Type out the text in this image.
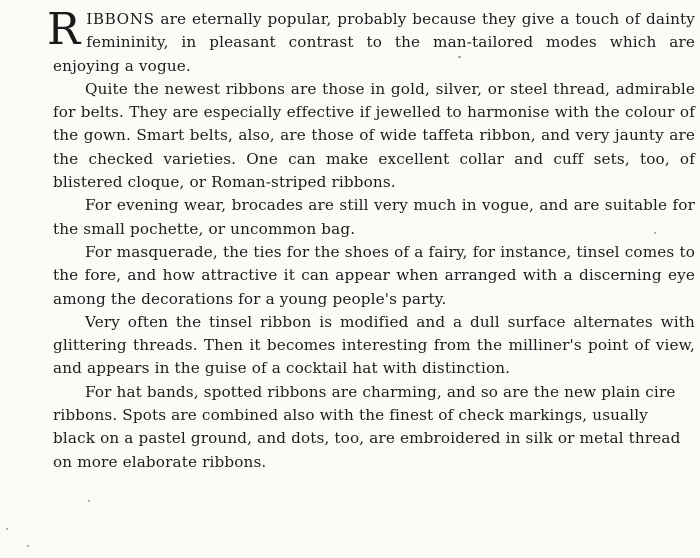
RIBBONS are eternally popular, probably because they give a touch of dainty femininity, in pleasant contrast to the man-tailored modes which are enjoying a vogue.

Quite the newest ribbons are those in gold, silver, or steel thread, admirable for belts. They are especially effective if jewelled to harmonise with the colour of the gown. Smart belts, also, are those of wide taffeta ribbon, and very jaunty are the checked varieties. One can make excellent collar and cuff sets, too, of blistered cloque, or Roman-striped ribbons.

For evening wear, brocades are still very much in vogue, and are suitable for the small pochette, or uncommon bag.

For masquerade, the ties for the shoes of a fairy, for instance, tinsel comes to the fore, and how attractive it can appear when arranged with a discerning eye among the decorations for a young people's party.

Very often the tinsel ribbon is modified and a dull surface alternates with glittering threads. Then it becomes interesting from the milliner's point of view, and appears in the guise of a cocktail hat with distinction.

For hat bands, spotted ribbons are charming, and so are the new plain cire ribbons. Spots are combined also with the finest of check markings, usually black on a pastel ground, and dots, too, are embroidered in silk or metal thread on more elaborate ribbons.
